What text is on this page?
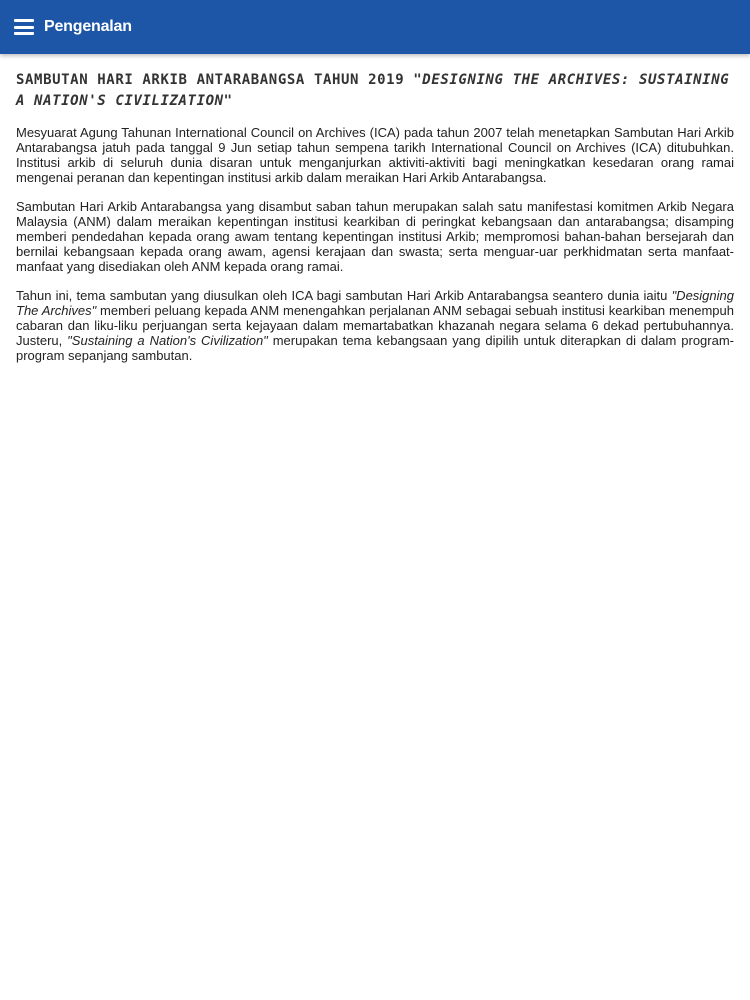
Pengenalan
SAMBUTAN HARI ARKIB ANTARABANGSA TAHUN 2019 "DESIGNING THE ARCHIVES: SUSTAINING A NATION'S CIVILIZATION"

Mesyuarat Agung Tahunan International Council on Archives (ICA) pada tahun 2007 telah menetapkan Sambutan Hari Arkib Antarabangsa jatuh pada tanggal 9 Jun setiap tahun sempena tarikh International Council on Archives (ICA) ditubuhkan. Institusi arkib di seluruh dunia disaran untuk menganjurkan aktiviti-aktiviti bagi meningkatkan kesedaran orang ramai mengenai peranan dan kepentingan institusi arkib dalam meraikan Hari Arkib Antarabangsa.

Sambutan Hari Arkib Antarabangsa yang disambut saban tahun merupakan salah satu manifestasi komitmen Arkib Negara Malaysia (ANM) dalam meraikan kepentingan institusi kearkiban di peringkat kebangsaan dan antarabangsa; disamping memberi pendedahan kepada orang awam tentang kepentingan institusi Arkib; mempromosi bahan-bahan bersejarah dan bernilai kebangsaan kepada orang awam, agensi kerajaan dan swasta; serta menguar-uar perkhidmatan serta manfaat-manfaat yang disediakan oleh ANM kepada orang ramai.

Tahun ini, tema sambutan yang diusulkan oleh ICA bagi sambutan Hari Arkib Antarabangsa seantero dunia iaitu "Designing The Archives" memberi peluang kepada ANM menengahkan perjalanan ANM sebagai sebuah institusi kearkiban menempuh cabaran dan liku-liku perjuangan serta kejayaan dalam memartabatkan khazanah negara selama 6 dekad pertubuhannya. Justeru, "Sustaining a Nation's Civilization" merupakan tema kebangsaan yang dipilih untuk diterapkan di dalam program-program sepanjang sambutan.
